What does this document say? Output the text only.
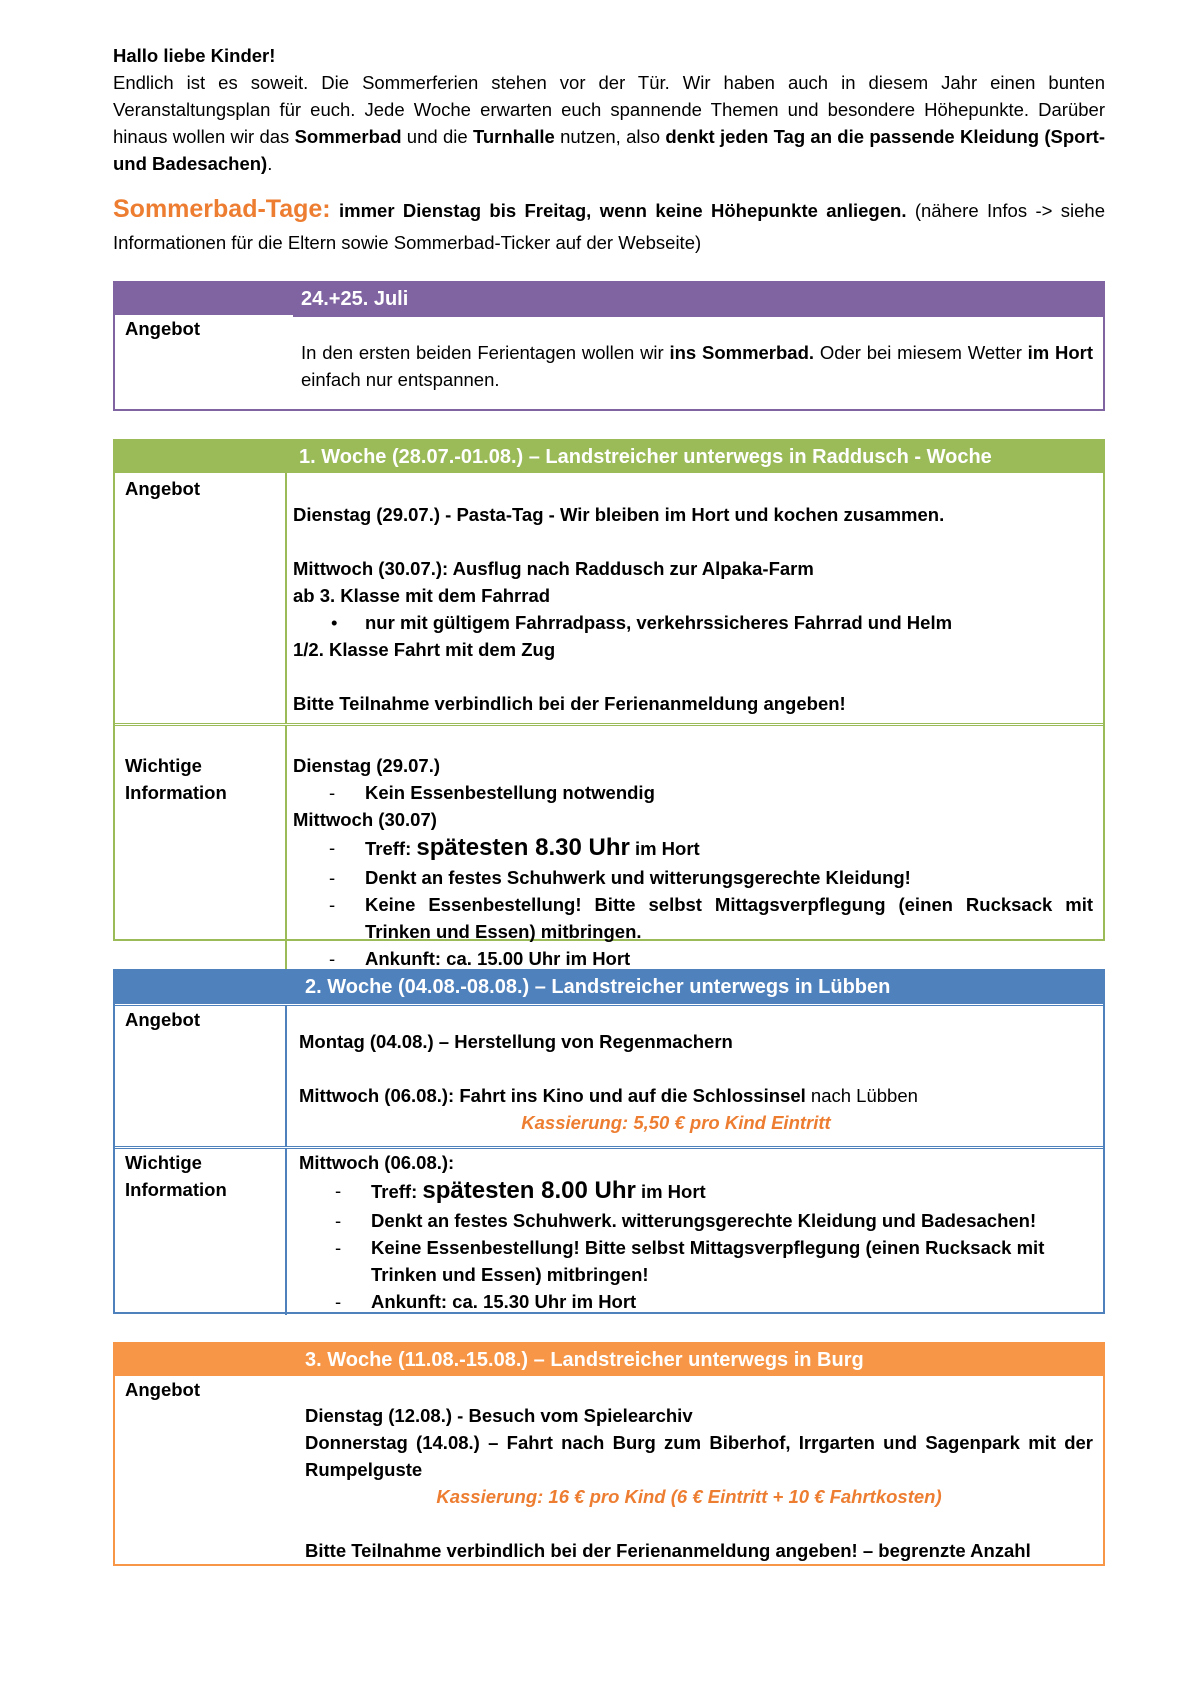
Hallo liebe Kinder!

Endlich ist es soweit. Die Sommerferien stehen vor der Tür. Wir haben auch in diesem Jahr einen bunten Veranstaltungsplan für euch. Jede Woche erwarten euch spannende Themen und besondere Höhepunkte. Darüber hinaus wollen wir das Sommerbad und die Turnhalle nutzen, also denkt jeden Tag an die passende Kleidung (Sport- und Badesachen).

Sommerbad-Tage: immer Dienstag bis Freitag, wenn keine Höhepunkte anliegen. (nähere Infos -> siehe Informationen für die Eltern sowie Sommerbad-Ticker auf der Webseite)

24.+25. Juli
Angebot
In den ersten beiden Ferientagen wollen wir ins Sommerbad. Oder bei miesem Wetter im Hort einfach nur entspannen.
1. Woche (28.07.-01.08.) – Landstreicher unterwegs in Raddusch - Woche
Angebot
Dienstag (29.07.) - Pasta-Tag - Wir bleiben im Hort und kochen zusammen.
Mittwoch (30.07.): Ausflug nach Raddusch zur Alpaka-Farm
ab 3. Klasse mit dem Fahrrad
• nur mit gültigem Fahrradpass, verkehrssicheres Fahrrad und Helm
1/2. Klasse Fahrt mit dem Zug
Bitte Teilnahme verbindlich bei der Ferienanmeldung angeben!
Wichtige
Information
Dienstag (29.07.)
- Kein Essenbestellung notwendig
Mittwoch (30.07)
- Treff: spätesten 8.30 Uhr im Hort
- Denkt an festes Schuhwerk und witterungsgerechte Kleidung!
- Keine Essenbestellung! Bitte selbst Mittagsverpflegung (einen Rucksack mit Trinken und Essen) mitbringen.
- Ankunft: ca. 15.00 Uhr im Hort
2. Woche (04.08.-08.08.) – Landstreicher unterwegs in Lübben
Angebot
Montag (04.08.) – Herstellung von Regenmachern
Mittwoch (06.08.): Fahrt ins Kino und auf die Schlossinsel nach Lübben
Kassierung: 5,50 € pro Kind Eintritt
Wichtige
Information
Mittwoch (06.08.):
- Treff: spätesten 8.00 Uhr im Hort
- Denkt an festes Schuhwerk. witterungsgerechte Kleidung und Badesachen!
- Keine Essenbestellung! Bitte selbst Mittagsverpflegung (einen Rucksack mit Trinken und Essen) mitbringen!
- Ankunft: ca. 15.30 Uhr im Hort
3. Woche (11.08.-15.08.) – Landstreicher unterwegs in Burg
Angebot
Dienstag (12.08.) - Besuch vom Spielearchiv
Donnerstag (14.08.) – Fahrt nach Burg zum Biberhof, Irrgarten und Sagenpark mit der Rumpelguste
Kassierung: 16 € pro Kind (6 € Eintritt + 10 € Fahrtkosten)
Bitte Teilnahme verbindlich bei der Ferienanmeldung angeben! – begrenzte Anzahl
